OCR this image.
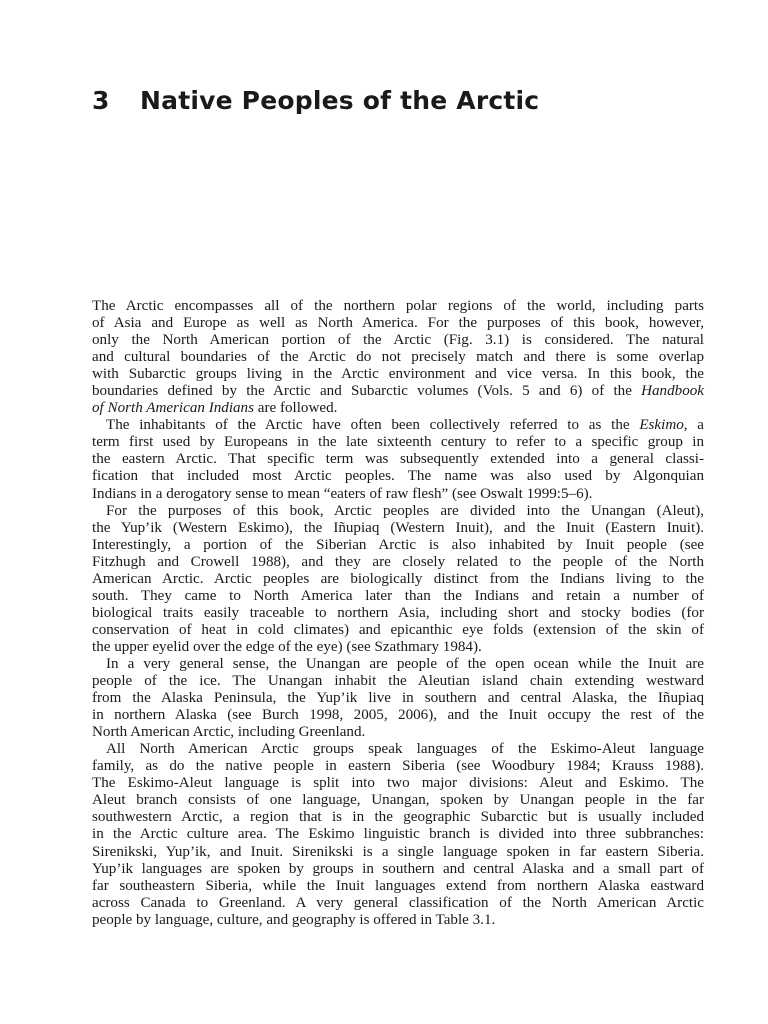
3 Native Peoples of the Arctic
The Arctic encompasses all of the northern polar regions of the world, including parts
of Asia and Europe as well as North America. For the purposes of this book, however,
only the North American portion of the Arctic (Fig. 3.1) is considered. The natural
and cultural boundaries of the Arctic do not precisely match and there is some overlap
with Subarctic groups living in the Arctic environment and vice versa. In this book, the
boundaries defined by the Arctic and Subarctic volumes (Vols. 5 and 6) of the Handbook
of North American Indians are followed.
The inhabitants of the Arctic have often been collectively referred to as the Eskimo, a
term first used by Europeans in the late sixteenth century to refer to a specific group in
the eastern Arctic. That specific term was subsequently extended into a general classi-
fication that included most Arctic peoples. The name was also used by Algonquian
Indians in a derogatory sense to mean “eaters of raw flesh” (see Oswalt 1999:5–6).
For the purposes of this book, Arctic peoples are divided into the Unangan (Aleut),
the Yup’ik (Western Eskimo), the Iñupiaq (Western Inuit), and the Inuit (Eastern Inuit).
Interestingly, a portion of the Siberian Arctic is also inhabited by Inuit people (see
Fitzhugh and Crowell 1988), and they are closely related to the people of the North
American Arctic. Arctic peoples are biologically distinct from the Indians living to the
south. They came to North America later than the Indians and retain a number of
biological traits easily traceable to northern Asia, including short and stocky bodies (for
conservation of heat in cold climates) and epicanthic eye folds (extension of the skin of
the upper eyelid over the edge of the eye) (see Szathmary 1984).
In a very general sense, the Unangan are people of the open ocean while the Inuit are
people of the ice. The Unangan inhabit the Aleutian island chain extending westward
from the Alaska Peninsula, the Yup’ik live in southern and central Alaska, the Iñupiaq
in northern Alaska (see Burch 1998, 2005, 2006), and the Inuit occupy the rest of the
North American Arctic, including Greenland.
All North American Arctic groups speak languages of the Eskimo-Aleut language
family, as do the native people in eastern Siberia (see Woodbury 1984; Krauss 1988).
The Eskimo-Aleut language is split into two major divisions: Aleut and Eskimo. The
Aleut branch consists of one language, Unangan, spoken by Unangan people in the far
southwestern Arctic, a region that is in the geographic Subarctic but is usually included
in the Arctic culture area. The Eskimo linguistic branch is divided into three subbranches:
Sirenikski, Yup’ik, and Inuit. Sirenikski is a single language spoken in far eastern Siberia.
Yup’ik languages are spoken by groups in southern and central Alaska and a small part of
far southeastern Siberia, while the Inuit languages extend from northern Alaska eastward
across Canada to Greenland. A very general classification of the North American Arctic
people by language, culture, and geography is offered in Table 3.1.
